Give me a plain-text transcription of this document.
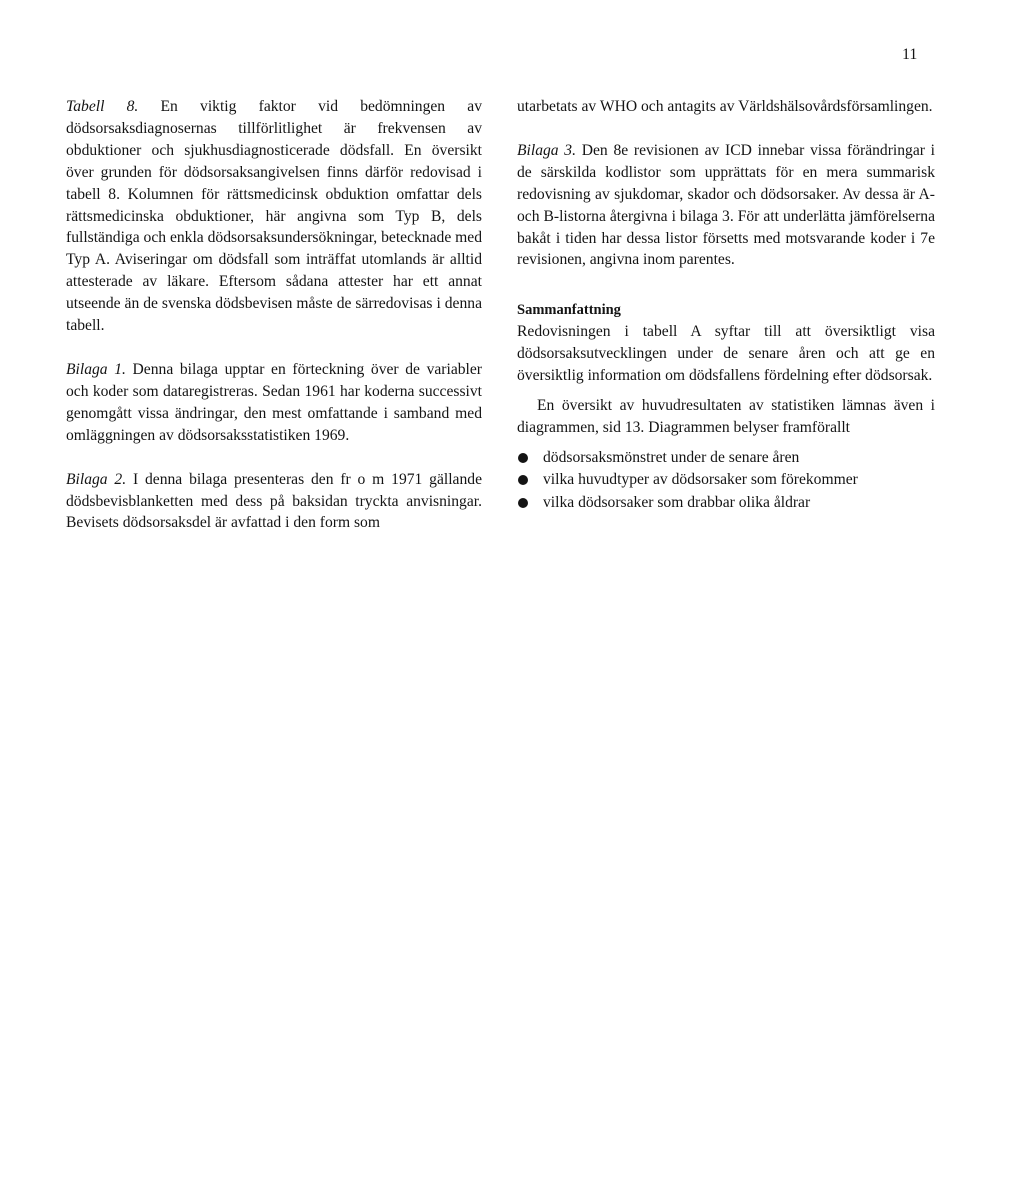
11

Tabell 8. En viktig faktor vid bedömningen av dödsorsaksdiagnosernas tillförlitlighet är frekvensen av obduktioner och sjukhusdiagnosticerade dödsfall. En översikt över grunden för dödsorsaksangivelsen finns därför redovisad i tabell 8. Kolumnen för rättsmedicinsk obduktion omfattar dels rättsmedicinska obduktioner, här angivna som Typ B, dels fullständiga och enkla dödsorsaksundersökningar, betecknade med Typ A. Aviseringar om dödsfall som inträffat utomlands är alltid attesterade av läkare. Eftersom sådana attester har ett annat utseende än de svenska dödsbevisen måste de särredovisas i denna tabell.

Bilaga 1. Denna bilaga upptar en förteckning över de variabler och koder som dataregistreras. Sedan 1961 har koderna successivt genomgått vissa ändringar, den mest omfattande i samband med omläggningen av dödsorsaksstatistiken 1969.

Bilaga 2. I denna bilaga presenteras den fr o m 1971 gällande dödsbevisblanketten med dess på baksidan tryckta anvisningar. Bevisets dödsorsaksdel är avfattad i den form som

utarbetats av WHO och antagits av Världshälsovårdsförsamlingen.

Bilaga 3. Den 8e revisionen av ICD innebar vissa förändringar i de särskilda kodlistor som upprättats för en mera summarisk redovisning av sjukdomar, skador och dödsorsaker. Av dessa är A- och B-listorna återgivna i bilaga 3. För att underlätta jämförelserna bakåt i tiden har dessa listor försetts med motsvarande koder i 7e revisionen, angivna inom parentes.

Sammanfattning

Redovisningen i tabell A syftar till att översiktligt visa dödsorsaksutvecklingen under de senare åren och att ge en översiktlig information om dödsfallens fördelning efter dödsorsak.

En översikt av huvudresultaten av statistiken lämnas även i diagrammen, sid 13. Diagrammen belyser framförallt

dödsorsaksmönstret under de senare åren
vilka huvudtyper av dödsorsaker som förekommer
vilka dödsorsaker som drabbar olika åldrar
